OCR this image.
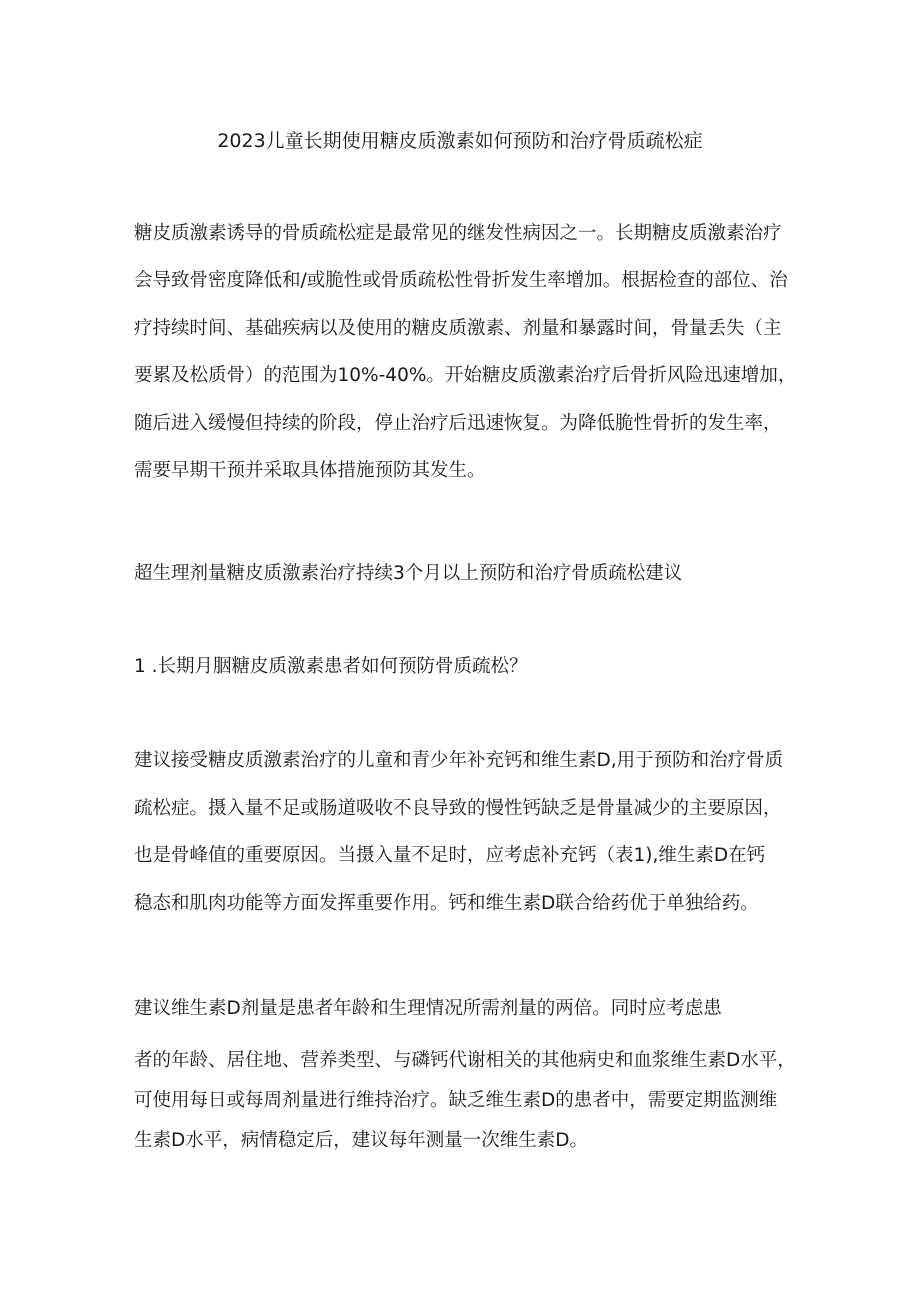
2023儿童长期使用糖皮质激素如何预防和治疗骨质疏松症
糖皮质激素诱导的骨质疏松症是最常见的继发性病因之一。长期糖皮质激素治疗
会导致骨密度降低和/或脆性或骨质疏松性骨折发生率增加。根据检查的部位、治
疗持续时间、基础疾病以及使用的糖皮质激素、剂量和暴露时间，骨量丢失（主
要累及松质骨）的范围为10%-40%。开始糖皮质激素治疗后骨折风险迅速增加，
随后进入缓慢但持续的阶段，停止治疗后迅速恢复。为降低脆性骨折的发生率，
需要早期干预并采取具体措施预防其发生。
超生理剂量糖皮质激素治疗持续3个月以上预防和治疗骨质疏松建议
1 .长期月胭糖皮质激素患者如何预防骨质疏松？
建议接受糖皮质激素治疗的儿童和青少年补充钙和维生素D,用于预防和治疗骨质
疏松症。摄入量不足或肠道吸收不良导致的慢性钙缺乏是骨量减少的主要原因，
也是骨峰值的重要原因。当摄入量不足时，应考虑补充钙（表1),维生素D在钙
稳态和肌肉功能等方面发挥重要作用。钙和维生素D联合给药优于单独给药。
建议维生素D剂量是患者年龄和生理情况所需剂量的两倍。同时应考虑患
者的年龄、居住地、营养类型、与磷钙代谢相关的其他病史和血浆维生素D水平，
可使用每日或每周剂量进行维持治疗。缺乏维生素D的患者中，需要定期监测维
生素D水平，病情稳定后，建议每年测量一次维生素D。
